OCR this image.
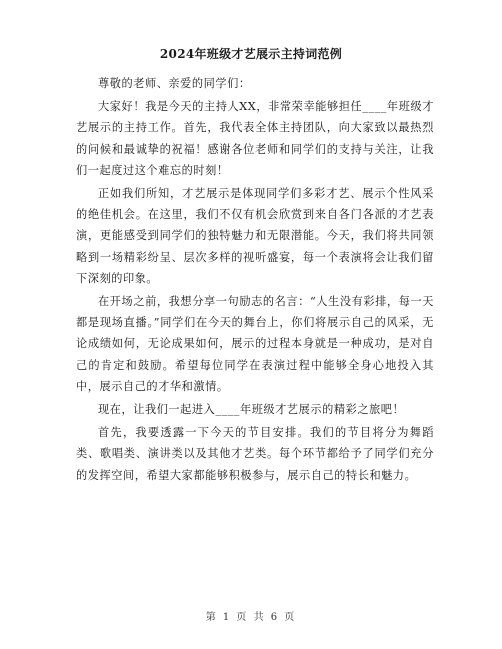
2024年班级才艺展示主持词范例

尊敬的老师、亲爱的同学们：

大家好！我是今天的主持人XX，非常荣幸能够担任____年班级才艺展示的主持工作。首先，我代表全体主持团队，向大家致以最热烈的问候和最诚挚的祝福！感谢各位老师和同学们的支持与关注，让我们一起度过这个难忘的时刻！

正如我们所知，才艺展示是体现同学们多彩才艺、展示个性风采的绝佳机会。在这里，我们不仅有机会欣赏到来自各门各派的才艺表演，更能感受到同学们的独特魅力和无限潜能。今天，我们将共同领略到一场精彩纷呈、层次多样的视听盛宴，每一个表演将会让我们留下深刻的印象。

在开场之前，我想分享一句励志的名言：“人生没有彩排，每一天都是现场直播。”同学们在今天的舞台上，你们将展示自己的风采，无论成绩如何，无论成果如何，展示的过程本身就是一种成功，是对自己的肯定和鼓励。希望每位同学在表演过程中能够全身心地投入其中，展示自己的才华和激情。

现在，让我们一起进入____年班级才艺展示的精彩之旅吧！

首先，我要透露一下今天的节目安排。我们的节目将分为舞蹈类、歌唱类、演讲类以及其他才艺类。每个环节都给予了同学们充分的发挥空间，希望大家都能够积极参与，展示自己的特长和魅力。

第 1 页 共 6 页
